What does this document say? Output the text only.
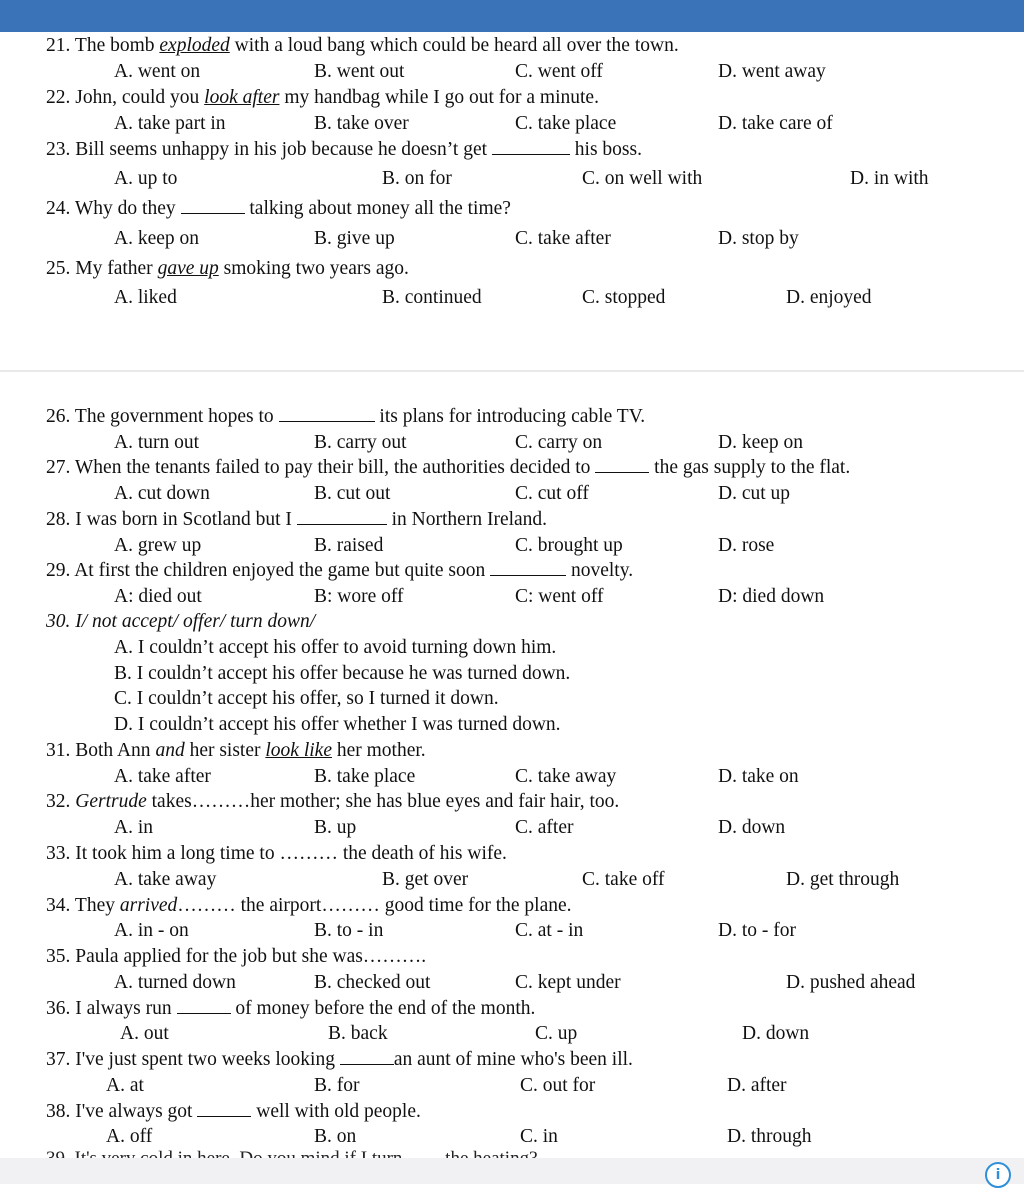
21. The bomb exploded with a loud bang which could be heard all over the town.
A. went on	B. went out	C. went off	D. went away
22. John, could you look after my handbag while I go out for a minute.
A. take part in	B. take over	C. take place	D. take care of
23. Bill seems unhappy in his job because he doesn’t get	his boss.
A. up to	B. on for	C. on well with	D. in with
24. Why do they	talking about money all the time?
A. keep on	B. give up	C. take after	D. stop by
25. My father gave up smoking two years ago.
A. liked	B. continued	C. stopped	D. enjoyed
26. The government hopes to	its plans for introducing cable TV.
A. turn out	B. carry out	C. carry on	D. keep on
27. When the tenants failed to pay their bill, the authorities decided to	the gas supply to the flat.
A. cut down	B. cut out	C. cut off	D. cut up
28. I was born in Scotland but I	in Northern Ireland.
A. grew up	B. raised	C. brought up	D. rose
29. At first the children enjoyed the game but quite soon	novelty.
A: died out	B: wore off	C: went off	D: died down
30. I/ not accept/ offer/ turn down/
A. I couldn’t accept his offer to avoid turning down him.
B. I couldn’t accept his offer because he was turned down.
C. I couldn’t accept his offer, so I turned it down.
D. I couldn’t accept his offer whether I was turned down.
31. Both Ann and her sister look like her mother.
A. take after	B. take place	C. take away	D. take on
32. Gertrude takes………her mother; she has blue eyes and fair hair, too.
A. in	B. up	C. after	D. down
33. It took him a long time to ……… the death of his wife.
A. take away	B. get over	C. take off	D. get through
34. They arrived……… the airport……… good time for the plane.
A. in - on	B. to - in	C. at - in	D. to - for
35. Paula applied for the job but she was……….
A. turned down	B. checked out	C. kept under	D. pushed ahead
36. I always run	of money before the end of the month.
A. out	B. back	C. up	D. down
37. I've just spent two weeks looking	an aunt of mine who's been ill.
A. at	B. for	C. out for	D. after
38. I've always got	well with old people.
A. off	B. on	C. in	D. through
i
